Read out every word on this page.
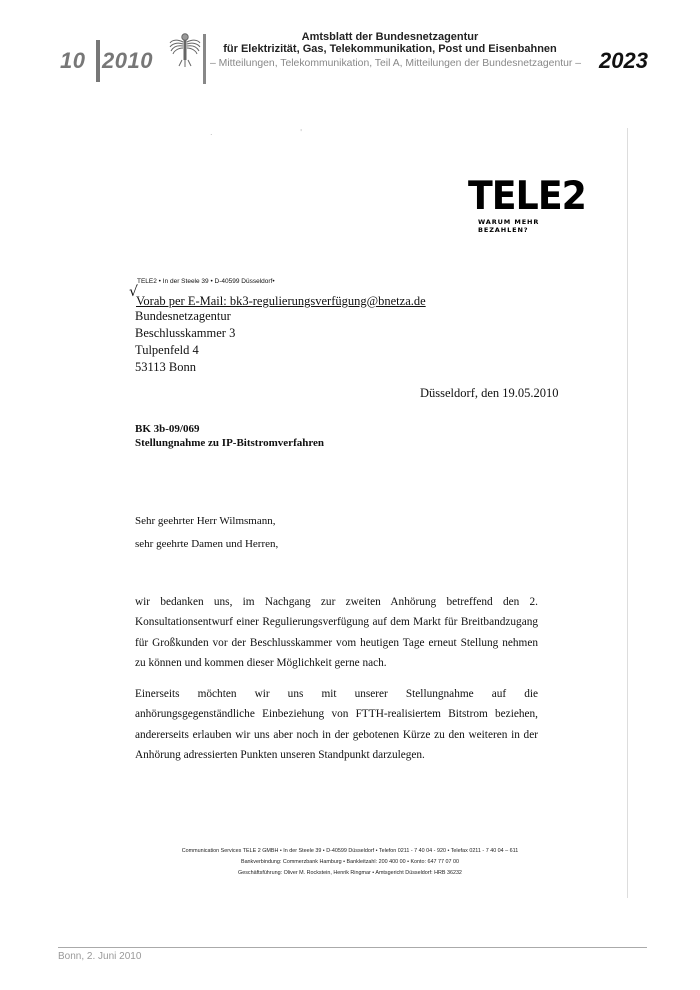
10 2010
Amtsblatt der Bundesnetzagentur
für Elektrizität, Gas, Telekommunikation, Post und Eisenbahnen
– Mitteilungen, Telekommunikation, Teil A, Mitteilungen der Bundesnetzagentur – 2023
.	'
TELE2
WARUM MEHR BEZAHLEN?
TELE2 • In der Steele 39 • D-40599 Düsseldorf•
√
Vorab per E-Mail: bk3-regulierungsverfügung@bnetza.de
Bundesnetzagentur
Beschlusskammer 3
Tulpenfeld 4
53113 Bonn
Düsseldorf, den 19.05.2010
BK 3b-09/069
Stellungnahme zu IP-Bitstromverfahren
Sehr geehrter Herr Wilmsmann,
sehr geehrte Damen und Herren,

wir bedanken uns, im Nachgang zur zweiten Anhörung betreffend den 2. Konsultationsentwurf einer Regulierungsverfügung auf dem Markt für Breitbandzugang für Großkunden vor der Beschlusskammer vom heutigen Tage erneut Stellung nehmen zu können und kommen dieser Möglichkeit gerne nach.

Einerseits möchten wir uns mit unserer Stellungnahme auf die anhörungsgegenständliche Einbeziehung von FTTH-realisiertem Bitstrom beziehen, andererseits erlauben wir uns aber noch in der gebotenen Kürze zu den weiteren in der Anhörung adressierten Punkten unseren Standpunkt darzulegen.

Communication Services TELE 2 GMBH • In der Steele 39 • D-40599 Düsseldorf • Telefon 0211 - 7 40 04 - 920 • Telefax 0211 - 7 40 04 – 611
Bankverbindung: Commerzbank Hamburg • Bankleitzahl: 200 400 00 • Konto: 647 77 07 00
Geschäftsführung: Oliver M. Rockstein, Henrik Ringmar • Amtsgericht Düsseldorf: HRB 36232
Bonn, 2. Juni 2010
